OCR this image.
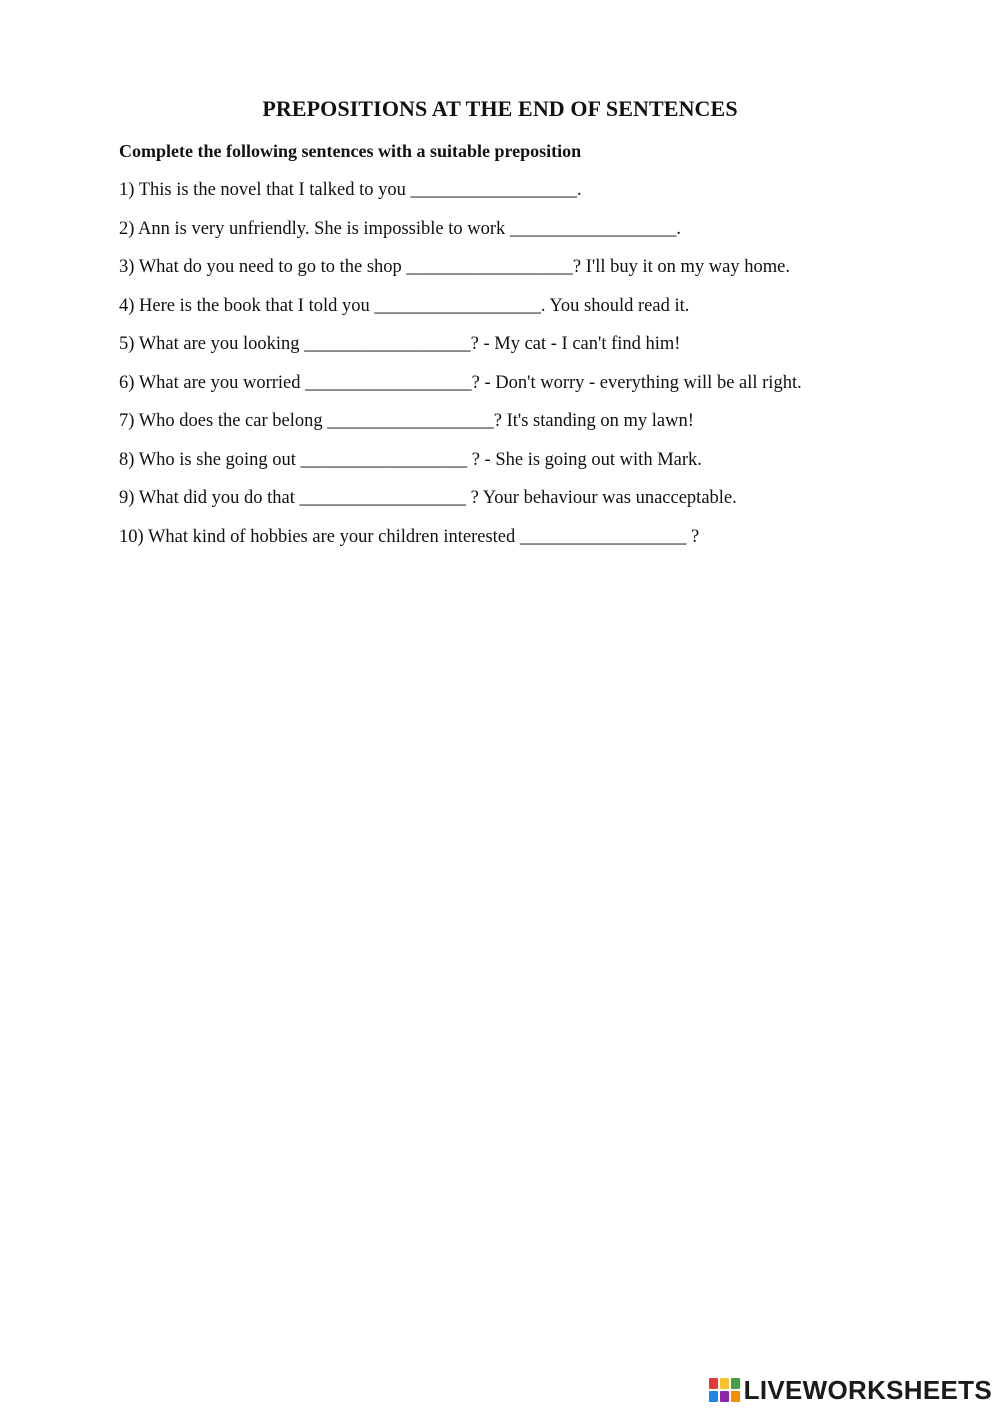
PREPOSITIONS AT THE END OF SENTENCES
Complete the following sentences with a suitable preposition
1) This is the novel that I talked to you __________________.
2) Ann is very unfriendly. She is impossible to work __________________.
3) What do you need to go to the shop __________________? I'll buy it on my way home.
4) Here is the book that I told you __________________. You should read it.
5) What are you looking __________________? - My cat - I can't find him!
6) What are you worried __________________? - Don't worry - everything will be all right.
7) Who does the car belong __________________? It's standing on my lawn!
8) Who is she going out __________________ ? - She is going out with Mark.
9) What did you do that __________________ ? Your behaviour was unacceptable.
10) What kind of hobbies are your children interested __________________ ?
LIVEWORKSHEETS
